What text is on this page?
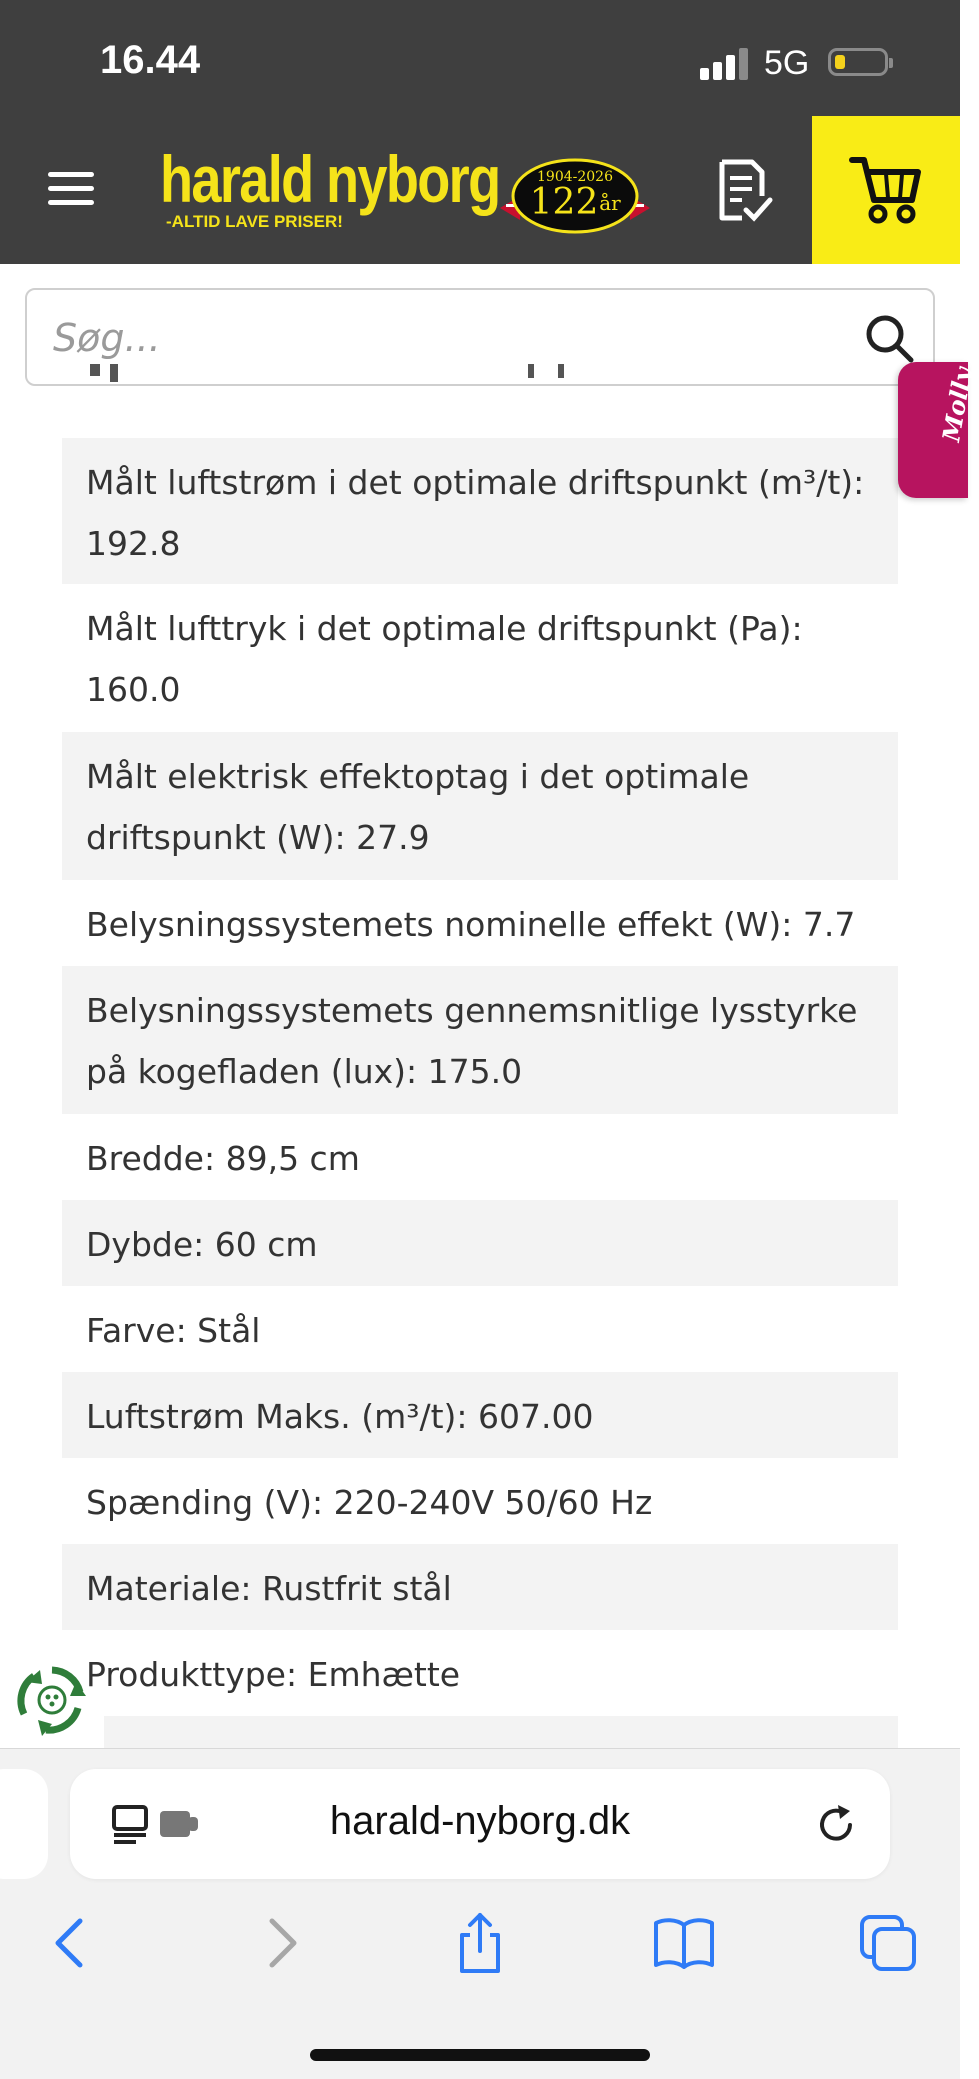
16.44	5G
harald nyborg
-ALTID LAVE PRISER!
1904-2026
122 år
Søg...
Målt luftstrøm i det optimale driftspunkt (m³/t): 192.8
Målt lufttryk i det optimale driftspunkt (Pa): 160.0
Målt elektrisk effektoptag i det optimale driftspunkt (W): 27.9
Belysningssystemets nominelle effekt (W): 7.7
Belysningssystemets gennemsnitlige lysstyrke på kogefladen (lux): 175.0
Bredde: 89,5 cm
Dybde: 60 cm
Farve: Stål
Luftstrøm Maks. (m³/t): 607.00
Spænding (V): 220-240V 50/60 Hz
Materiale: Rustfrit stål
Produkttype: Emhætte
Molly
harald-nyborg.dk
